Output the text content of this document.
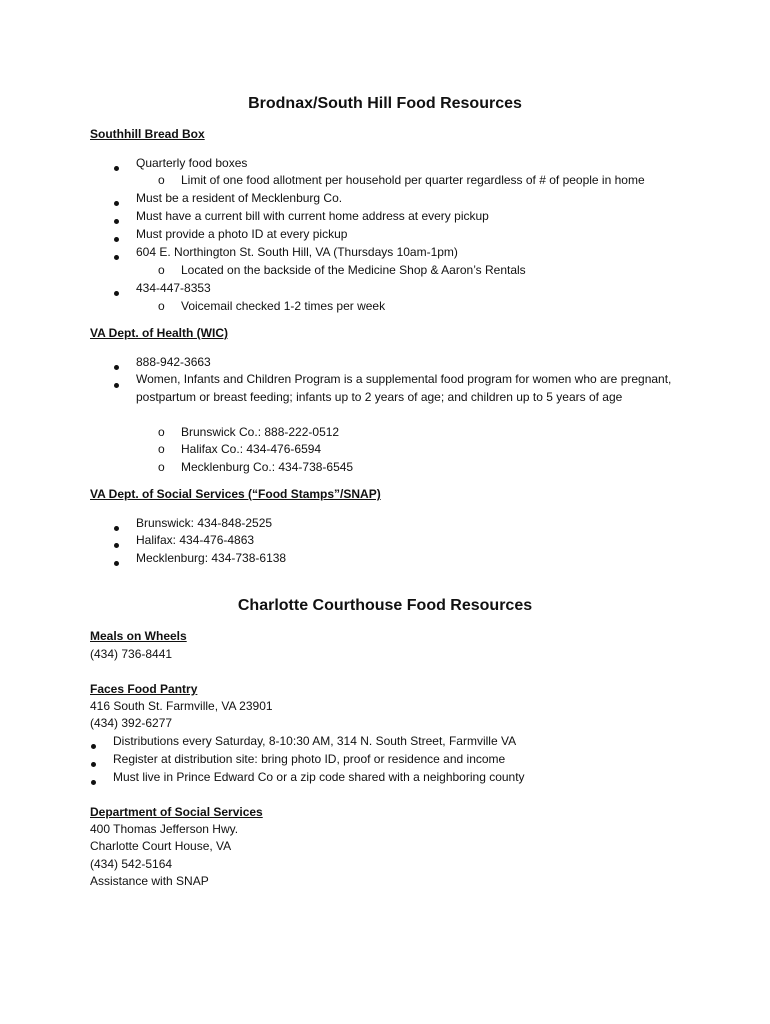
Brodnax/South Hill Food Resources
Southhill Bread Box
Quarterly food boxes
o Limit of one food allotment per household per quarter regardless of # of people in home
Must be a resident of Mecklenburg Co.
Must have a current bill with current home address at every pickup
Must provide a photo ID at every pickup
604 E. Northington St. South Hill, VA (Thursdays 10am-1pm)
o Located on the backside of the Medicine Shop & Aaron’s Rentals
434-447-8353
o Voicemail checked 1-2 times per week
VA Dept. of Health (WIC)
888-942-3663
Women, Infants and Children Program is a supplemental food program for women who are pregnant, postpartum or breast feeding; infants up to 2 years of age; and children up to 5 years of age
o Brunswick Co.: 888-222-0512
o Halifax Co.: 434-476-6594
o Mecklenburg Co.: 434-738-6545
VA Dept. of Social Services (“Food Stamps”/SNAP)
Brunswick: 434-848-2525
Halifax: 434-476-4863
Mecklenburg: 434-738-6138
Charlotte Courthouse Food Resources
Meals on Wheels
(434) 736-8441
Faces Food Pantry
416 South St. Farmville, VA 23901
(434) 392-6277
Distributions every Saturday, 8-10:30 AM, 314 N. South Street, Farmville VA
Register at distribution site: bring photo ID, proof or residence and income
Must live in Prince Edward Co or a zip code shared with a neighboring county
Department of Social Services
400 Thomas Jefferson Hwy.
Charlotte Court House, VA
(434) 542-5164
Assistance with SNAP
